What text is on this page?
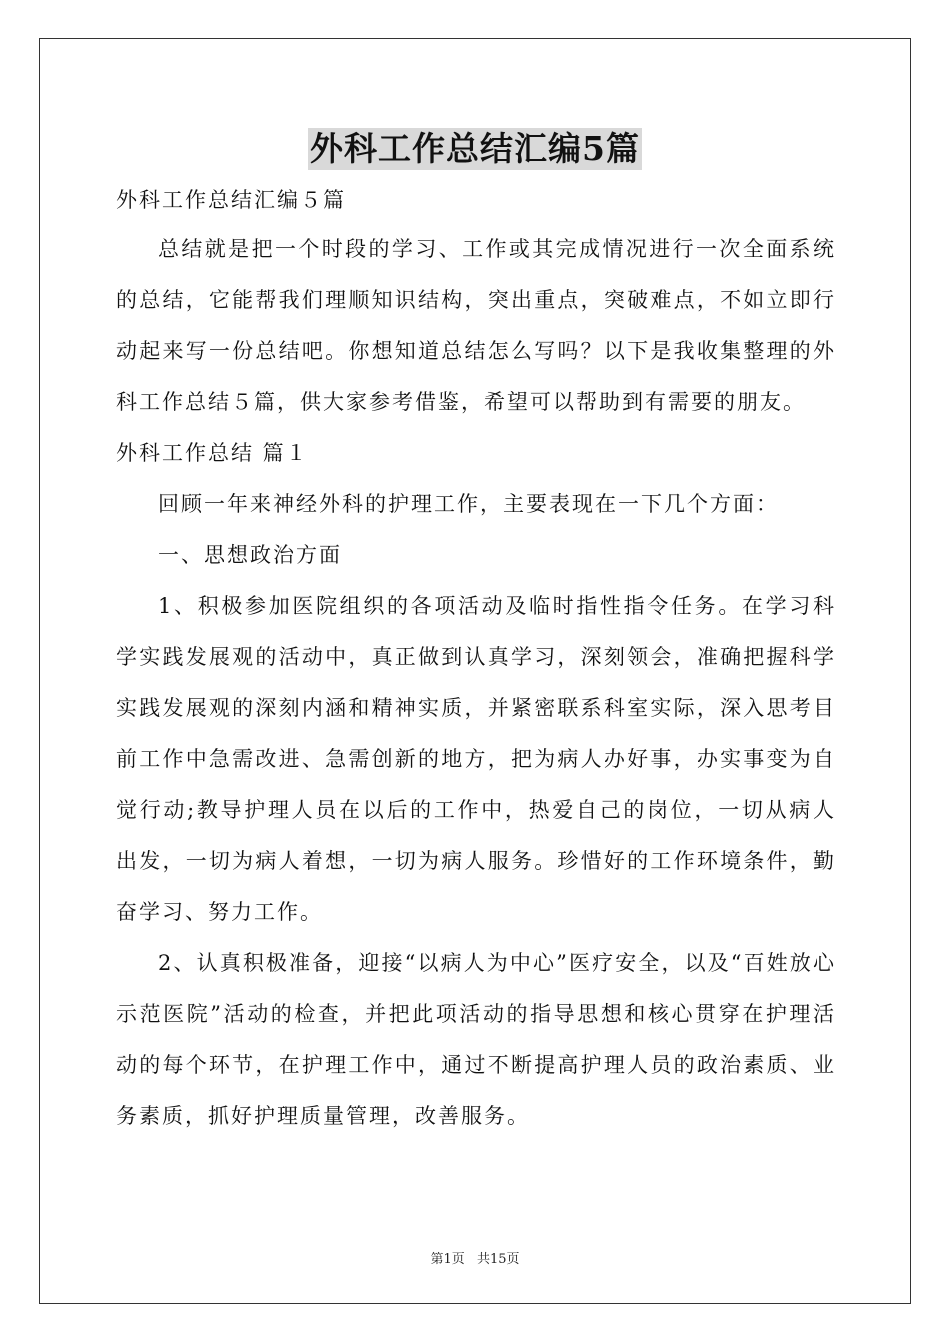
外科工作总结汇编5篇

外科工作总结汇编５篇

总结就是把一个时段的学习、工作或其完成情况进行一次全面系统的总结，它能帮我们理顺知识结构，突出重点，突破难点，不如立即行动起来写一份总结吧。你想知道总结怎么写吗？以下是我收集整理的外科工作总结５篇，供大家参考借鉴，希望可以帮助到有需要的朋友。

外科工作总结 篇１

回顾一年来神经外科的护理工作，主要表现在一下几个方面：

一、思想政治方面

1、积极参加医院组织的各项活动及临时指性指令任务。在学习科学实践发展观的活动中，真正做到认真学习，深刻领会，准确把握科学实践发展观的深刻内涵和精神实质，并紧密联系科室实际，深入思考目前工作中急需改进、急需创新的地方，把为病人办好事，办实事变为自觉行动;教导护理人员在以后的工作中，热爱自己的岗位，一切从病人出发，一切为病人着想，一切为病人服务。珍惜好的工作环境条件，勤奋学习、努力工作。

2、认真积极准备，迎接“以病人为中心”医疗安全，以及“百姓放心示范医院”活动的检查，并把此项活动的指导思想和核心贯穿在护理活动的每个环节，在护理工作中，通过不断提高护理人员的政治素质、业务素质，抓好护理质量管理，改善服务。

第1页 共15页
